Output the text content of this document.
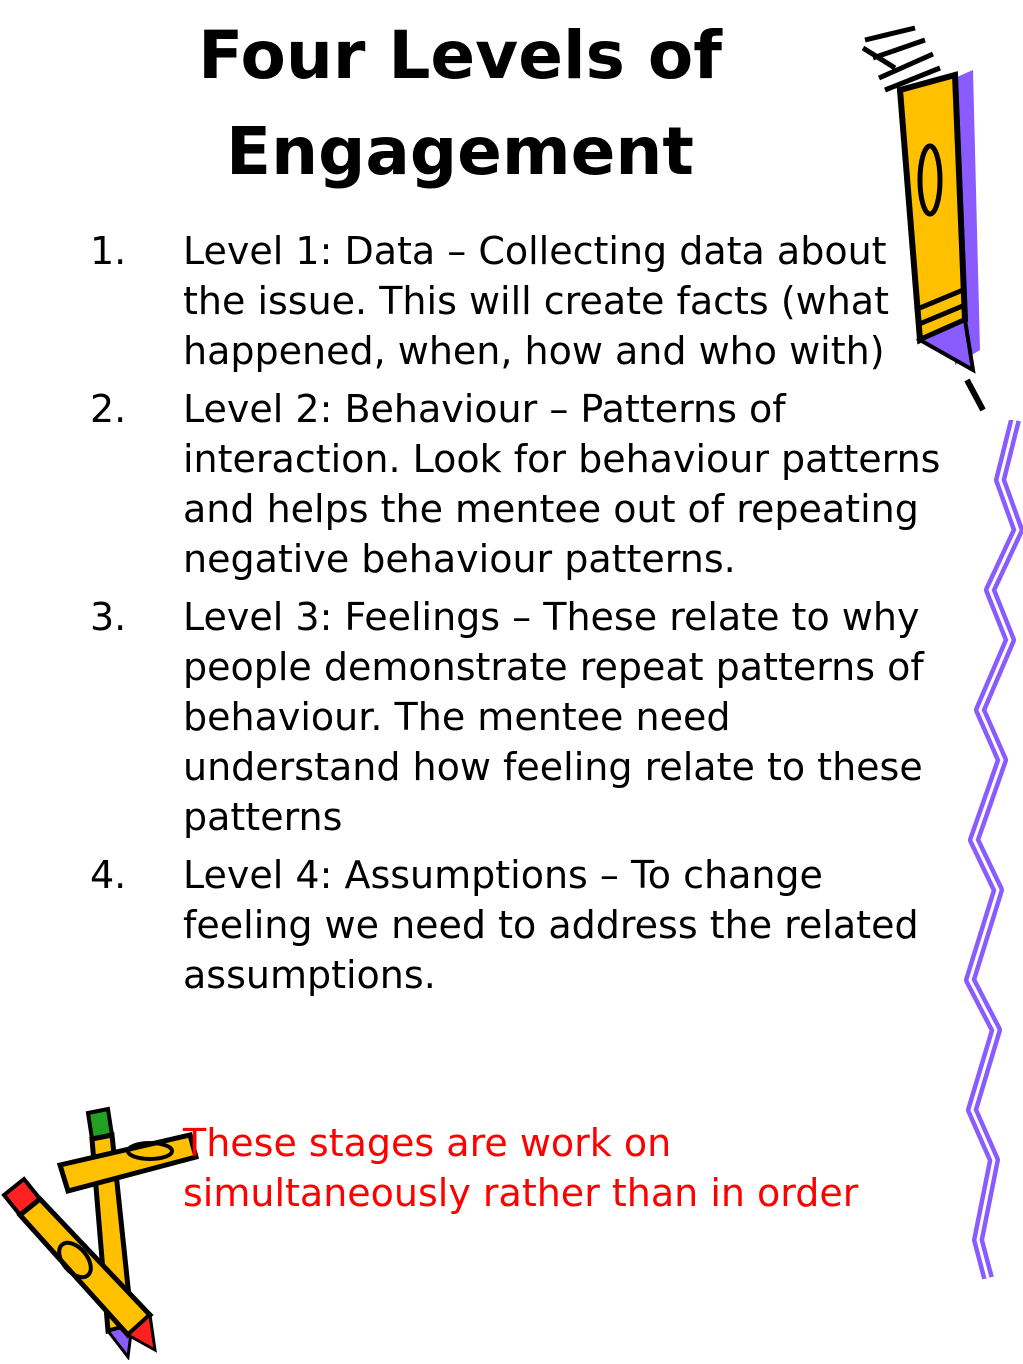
Four Levels of
Engagement
1.	Level 1: Data – Collecting data about the issue. This will create facts (what happened, when, how and who with)
2.	Level 2: Behaviour – Patterns of interaction. Look for behaviour patterns and helps the mentee out of repeating negative behaviour patterns.
3.	Level 3: Feelings – These relate to why people demonstrate repeat patterns of behaviour. The mentee need understand how feeling relate to these patterns
4.	Level 4: Assumptions – To change feeling we need to address the related assumptions.

These stages are work on simultaneously rather than in order
